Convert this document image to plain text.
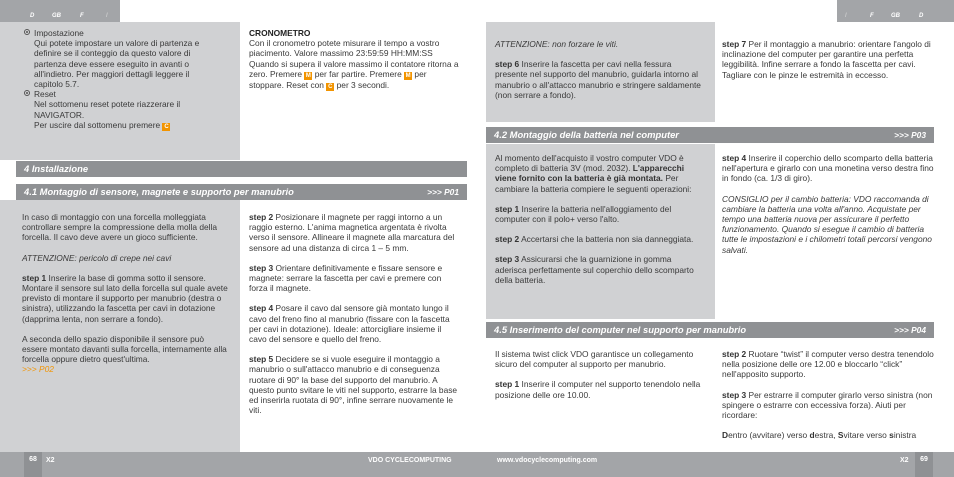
D	GB	F	I	I	F	GB	D
Impostazione
Qui potete impostare un valore di partenza e definire se il conteggio da questo valore di partenza deve essere eseguito in avanti o all'indietro. Per maggiori dettagli leggere il capitolo 5.7.
Reset
Nel sottomenu reset potete riazzerare il NAVIGATOR.
Per uscire dal sottomenu premere C
CRONOMETRO
Con il cronometro potete misurare il tempo a vostro piacimento. Valore massimo 23:59:59 HH:MM:SS Quando si supera il valore massimo il contatore ritorna a zero. Premere M per far partire. Premere M per stoppare. Reset con C per 3 secondi.
4 Installazione
4.1 Montaggio di sensore, magnete e supporto per manubrio	>>> P01

In caso di montaggio con una forcella molleggiata controllare sempre la compressione della molla della forcella. Il cavo deve avere un gioco sufficiente.

ATTENZIONE: pericolo di crepe nei cavi

step 1 Inserire la base di gomma sotto il sensore. Montare il sensore sul lato della forcella sul quale avete previsto di montare il supporto per manubrio (destra o sinistra), utilizzando la fascetta per cavi in dotazione (dapprima lenta, non serrare a fondo).

A seconda dello spazio disponibile il sensore può essere montato davanti sulla forcella, internamente alla forcella oppure dietro quest'ultima.

>>> P02

step 2 Posizionare il magnete per raggi intorno a un raggio esterno. L'anima magnetica argentata è rivolta verso il sensore. Allineare il magnete alla marcatura del sensore ad una distanza di circa 1 – 5 mm.

step 3 Orientare definitivamente e fissare sensore e magnete: serrare la fascetta per cavi e premere con forza il magnete.

step 4 Posare il cavo dal sensore già montato lungo il cavo del freno fino al manubrio (fissare con la fascetta per cavi in dotazione). Ideale: attorcigliare insieme il cavo del sensore e quello del freno.

step 5 Decidere se si vuole eseguire il montaggio a manubrio o sull'attacco manubrio e di conseguenza ruotare di 90° la base del supporto del manubrio. A questo punto svitare le viti nel supporto, estrarre la base ed inserirla ruotata di 90°, infine serrare nuovamente le viti.

ATTENZIONE: non forzare le viti.

step 6 Inserire la fascetta per cavi nella fessura presente nel supporto del manubrio, guidarla intorno al manubrio o all'attacco manubrio e stringere saldamente (non serrare a fondo).

step 7 Per il montaggio a manubrio: orientare l'angolo di inclinazione del computer per garantire una perfetta leggibilità. Infine serrare a fondo la fascetta per cavi.

Tagliare con le pinze le estremità in eccesso.

4.2 Montaggio della batteria nel computer	>>> P03

Al momento dell'acquisto il vostro computer VDO è completo di batteria 3V (mod. 2032). L'apparecchi viene fornito con la batteria è già montata. Per cambiare la batteria compiere le seguenti operazioni:

step 1 Inserire la batteria nell'alloggiamento del computer con il polo+ verso l'alto.

step 2 Accertarsi che la batteria non sia danneggiata.

step 3 Assicurarsi che la guarnizione in gomma aderisca perfettamente sul coperchio dello scomparto della batteria.

step 4 Inserire il coperchio dello scomparto della batteria nell'apertura e girarlo con una monetina verso destra fino in fondo (ca. 1/3 di giro).

CONSIGLIO per il cambio batteria: VDO raccomanda di cambiare la batteria una volta all'anno. Acquistate per tempo una batteria nuova per assicurare il perfetto funzionamento. Quando si esegue il cambio di batteria tutte le impostazioni e i chilometri totali percorsi vengono salvati.

4.5 Inserimento del computer nel supporto per manubrio	>>> P04

Il sistema twist click VDO garantisce un collegamento sicuro del computer al supporto per manubrio.

step 1 Inserire il computer nel supporto tenendolo nella posizione delle ore 10.00.

step 2 Ruotare “twist” il computer verso destra tenendolo nella posizione delle ore 12.00 e bloccarlo “click” nell'apposito supporto.

step 3 Per estrarre il computer girarlo verso sinistra (non spingere o estrarre con eccessiva forza). Aiuti per ricordare:

Dentro (avvitare) verso destra, Svitare verso sinistra

68	X2	VDO CYCLECOMPUTING	www.vdocyclecomputing.com	X2	69
